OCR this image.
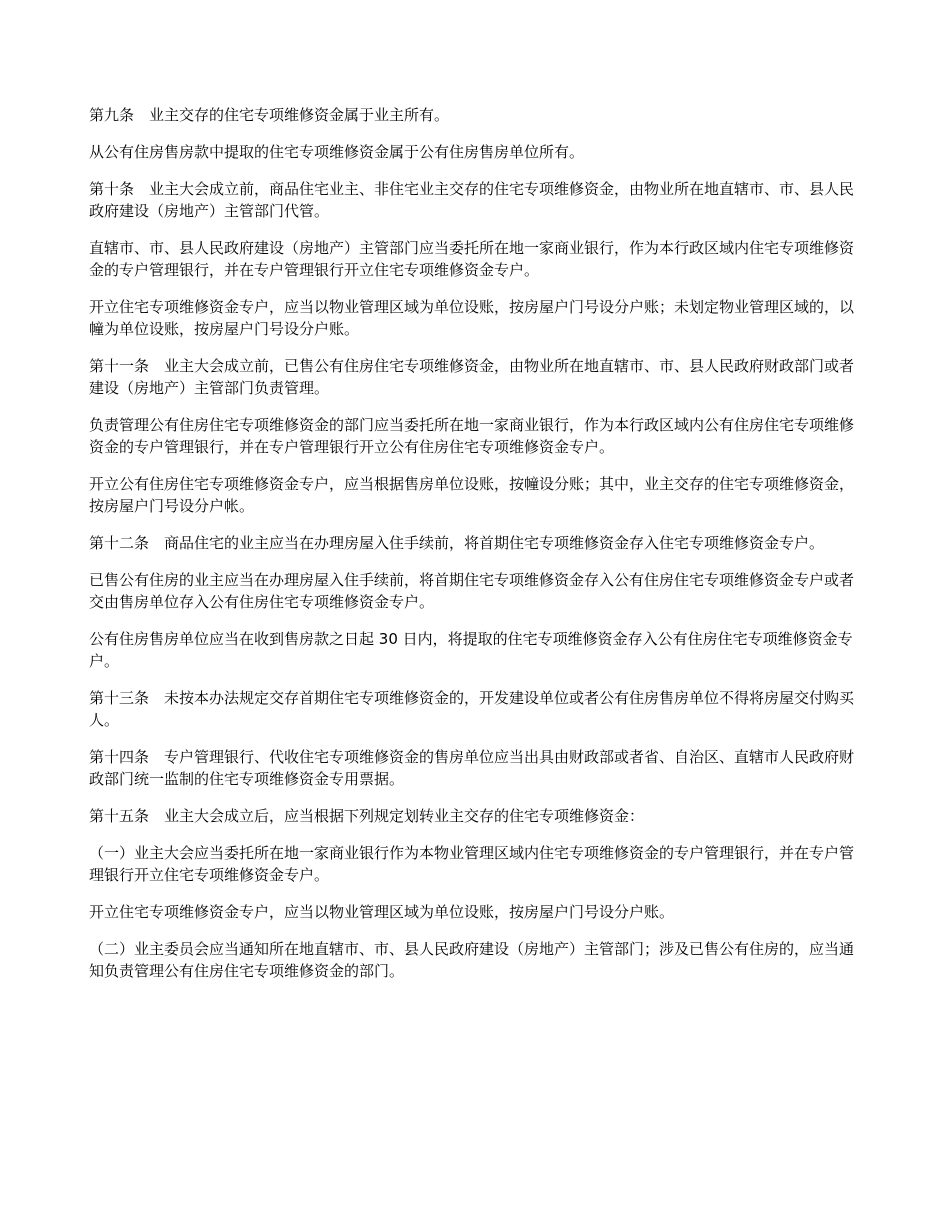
第九条　业主交存的住宅专项维修资金属于业主所有。

从公有住房售房款中提取的住宅专项维修资金属于公有住房售房单位所有。

第十条　业主大会成立前，商品住宅业主、非住宅业主交存的住宅专项维修资金，由物业所在地直辖市、市、县人民政府建设（房地产）主管部门代管。

直辖市、市、县人民政府建设（房地产）主管部门应当委托所在地一家商业银行，作为本行政区域内住宅专项维修资金的专户管理银行，并在专户管理银行开立住宅专项维修资金专户。

开立住宅专项维修资金专户，应当以物业管理区域为单位设账，按房屋户门号设分户账；未划定物业管理区域的，以幢为单位设账，按房屋户门号设分户账。

第十一条　业主大会成立前，已售公有住房住宅专项维修资金，由物业所在地直辖市、市、县人民政府财政部门或者建设（房地产）主管部门负责管理。

负责管理公有住房住宅专项维修资金的部门应当委托所在地一家商业银行，作为本行政区域内公有住房住宅专项维修资金的专户管理银行，并在专户管理银行开立公有住房住宅专项维修资金专户。

开立公有住房住宅专项维修资金专户，应当根据售房单位设账，按幢设分账；其中，业主交存的住宅专项维修资金，按房屋户门号设分户帐。

第十二条　商品住宅的业主应当在办理房屋入住手续前，将首期住宅专项维修资金存入住宅专项维修资金专户。

已售公有住房的业主应当在办理房屋入住手续前，将首期住宅专项维修资金存入公有住房住宅专项维修资金专户或者交由售房单位存入公有住房住宅专项维修资金专户。

公有住房售房单位应当在收到售房款之日起 30 日内，将提取的住宅专项维修资金存入公有住房住宅专项维修资金专户。

第十三条　未按本办法规定交存首期住宅专项维修资金的，开发建设单位或者公有住房售房单位不得将房屋交付购买人。

第十四条　专户管理银行、代收住宅专项维修资金的售房单位应当出具由财政部或者省、自治区、直辖市人民政府财政部门统一监制的住宅专项维修资金专用票据。

第十五条　业主大会成立后，应当根据下列规定划转业主交存的住宅专项维修资金：

（一）业主大会应当委托所在地一家商业银行作为本物业管理区域内住宅专项维修资金的专户管理银行，并在专户管理银行开立住宅专项维修资金专户。

开立住宅专项维修资金专户，应当以物业管理区域为单位设账，按房屋户门号设分户账。

（二）业主委员会应当通知所在地直辖市、市、县人民政府建设（房地产）主管部门；涉及已售公有住房的，应当通知负责管理公有住房住宅专项维修资金的部门。
